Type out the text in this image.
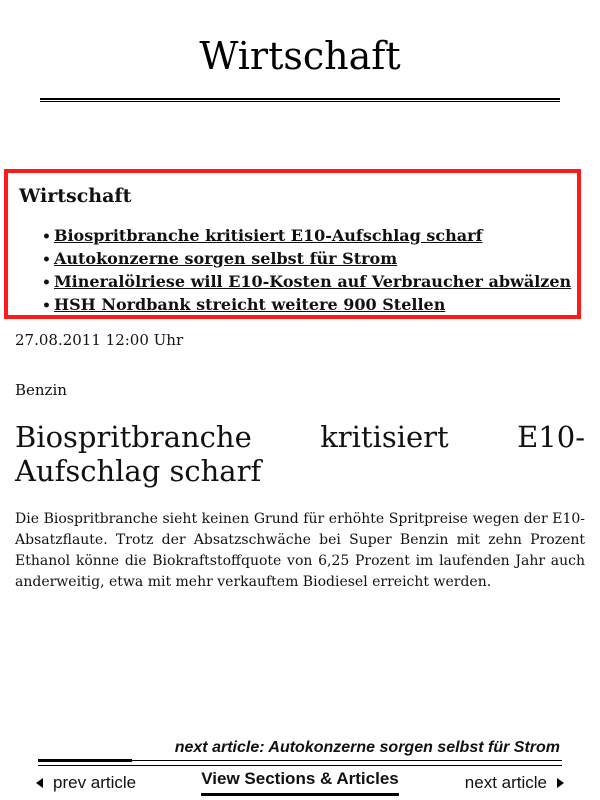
Wirtschaft
Wirtschaft
• Biospritbranche kritisiert E10-Aufschlag scharf
• Autokonzerne sorgen selbst für Strom
• Mineralölriese will E10-Kosten auf Verbraucher abwälzen
• HSH Nordbank streicht weitere 900 Stellen
27.08.2011 12:00 Uhr
Benzin
Biospritbranche kritisiert E10-Aufschlag scharf

Die Biospritbranche sieht keinen Grund für erhöhte Spritpreise wegen der E10-Absatzflaute. Trotz der Absatzschwäche bei Super Benzin mit zehn Prozent Ethanol könne die Biokraftstoffquote von 6,25 Prozent im laufenden Jahr auch anderweitig, etwa mit mehr verkauftem Biodiesel erreicht werden.

next article: Autokonzerne sorgen selbst für Strom
prev article	View Sections & Articles	next article
